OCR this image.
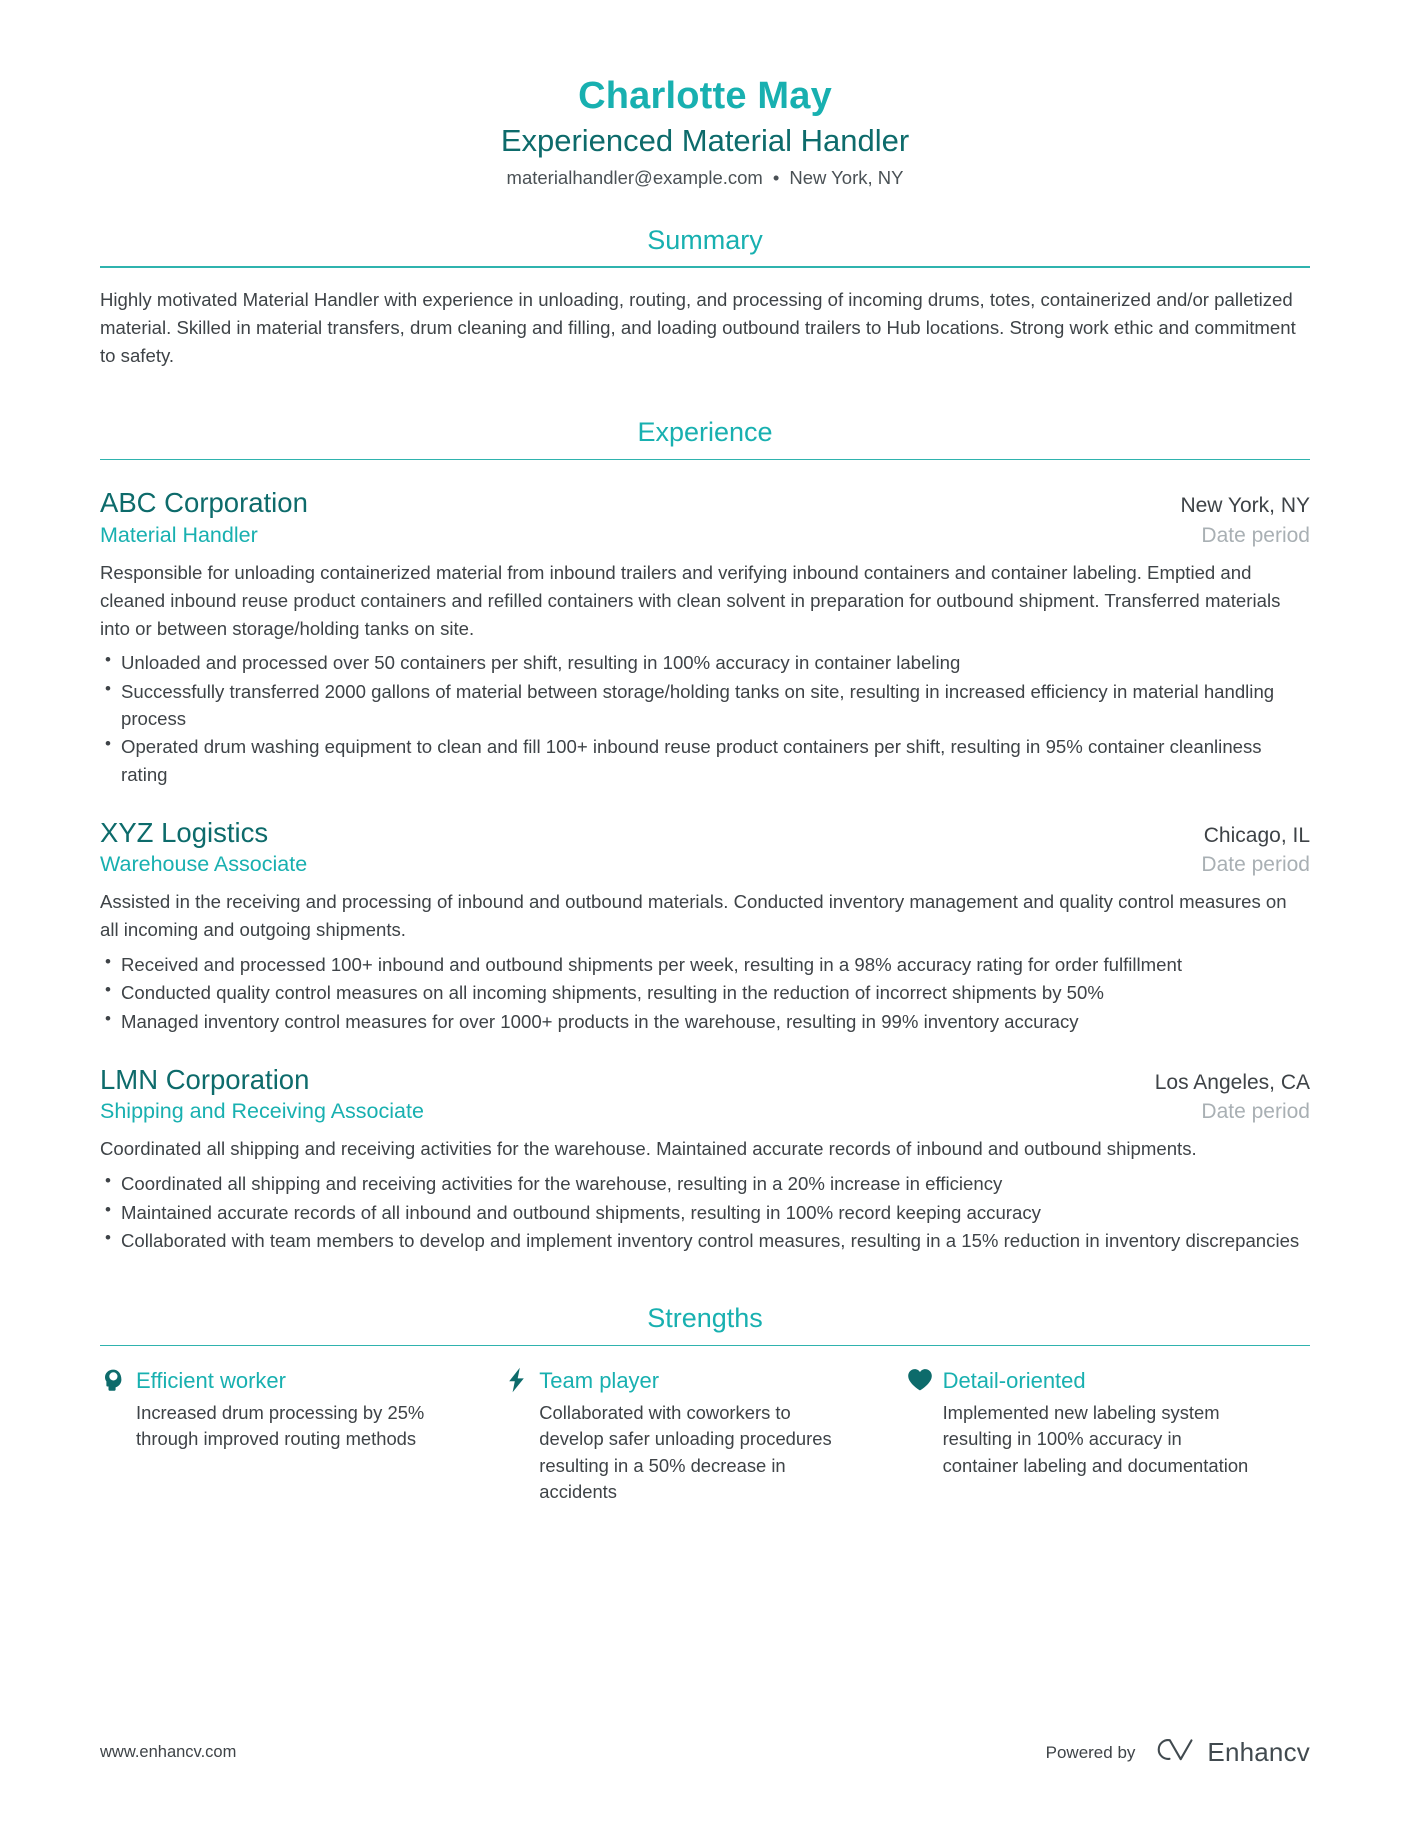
Charlotte May
Experienced Material Handler
materialhandler@example.com • New York, NY
Summary
Highly motivated Material Handler with experience in unloading, routing, and processing of incoming drums, totes, containerized and/or palletized material. Skilled in material transfers, drum cleaning and filling, and loading outbound trailers to Hub locations. Strong work ethic and commitment to safety.
Experience
ABC Corporation	New York, NY
Material Handler	Date period
Responsible for unloading containerized material from inbound trailers and verifying inbound containers and container labeling. Emptied and cleaned inbound reuse product containers and refilled containers with clean solvent in preparation for outbound shipment. Transferred materials into or between storage/holding tanks on site.
• Unloaded and processed over 50 containers per shift, resulting in 100% accuracy in container labeling
• Successfully transferred 2000 gallons of material between storage/holding tanks on site, resulting in increased efficiency in material handling process
• Operated drum washing equipment to clean and fill 100+ inbound reuse product containers per shift, resulting in 95% container cleanliness rating
XYZ Logistics	Chicago, IL
Warehouse Associate	Date period
Assisted in the receiving and processing of inbound and outbound materials. Conducted inventory management and quality control measures on all incoming and outgoing shipments.
• Received and processed 100+ inbound and outbound shipments per week, resulting in a 98% accuracy rating for order fulfillment
• Conducted quality control measures on all incoming shipments, resulting in the reduction of incorrect shipments by 50%
• Managed inventory control measures for over 1000+ products in the warehouse, resulting in 99% inventory accuracy
LMN Corporation	Los Angeles, CA
Shipping and Receiving Associate	Date period
Coordinated all shipping and receiving activities for the warehouse. Maintained accurate records of inbound and outbound shipments.
• Coordinated all shipping and receiving activities for the warehouse, resulting in a 20% increase in efficiency
• Maintained accurate records of all inbound and outbound shipments, resulting in 100% record keeping accuracy
• Collaborated with team members to develop and implement inventory control measures, resulting in a 15% reduction in inventory discrepancies
Strengths
Efficient worker
Increased drum processing by 25% through improved routing methods
Team player
Collaborated with coworkers to develop safer unloading procedures resulting in a 50% decrease in accidents
Detail-oriented
Implemented new labeling system resulting in 100% accuracy in container labeling and documentation
www.enhancv.com	Powered by	Enhancv
